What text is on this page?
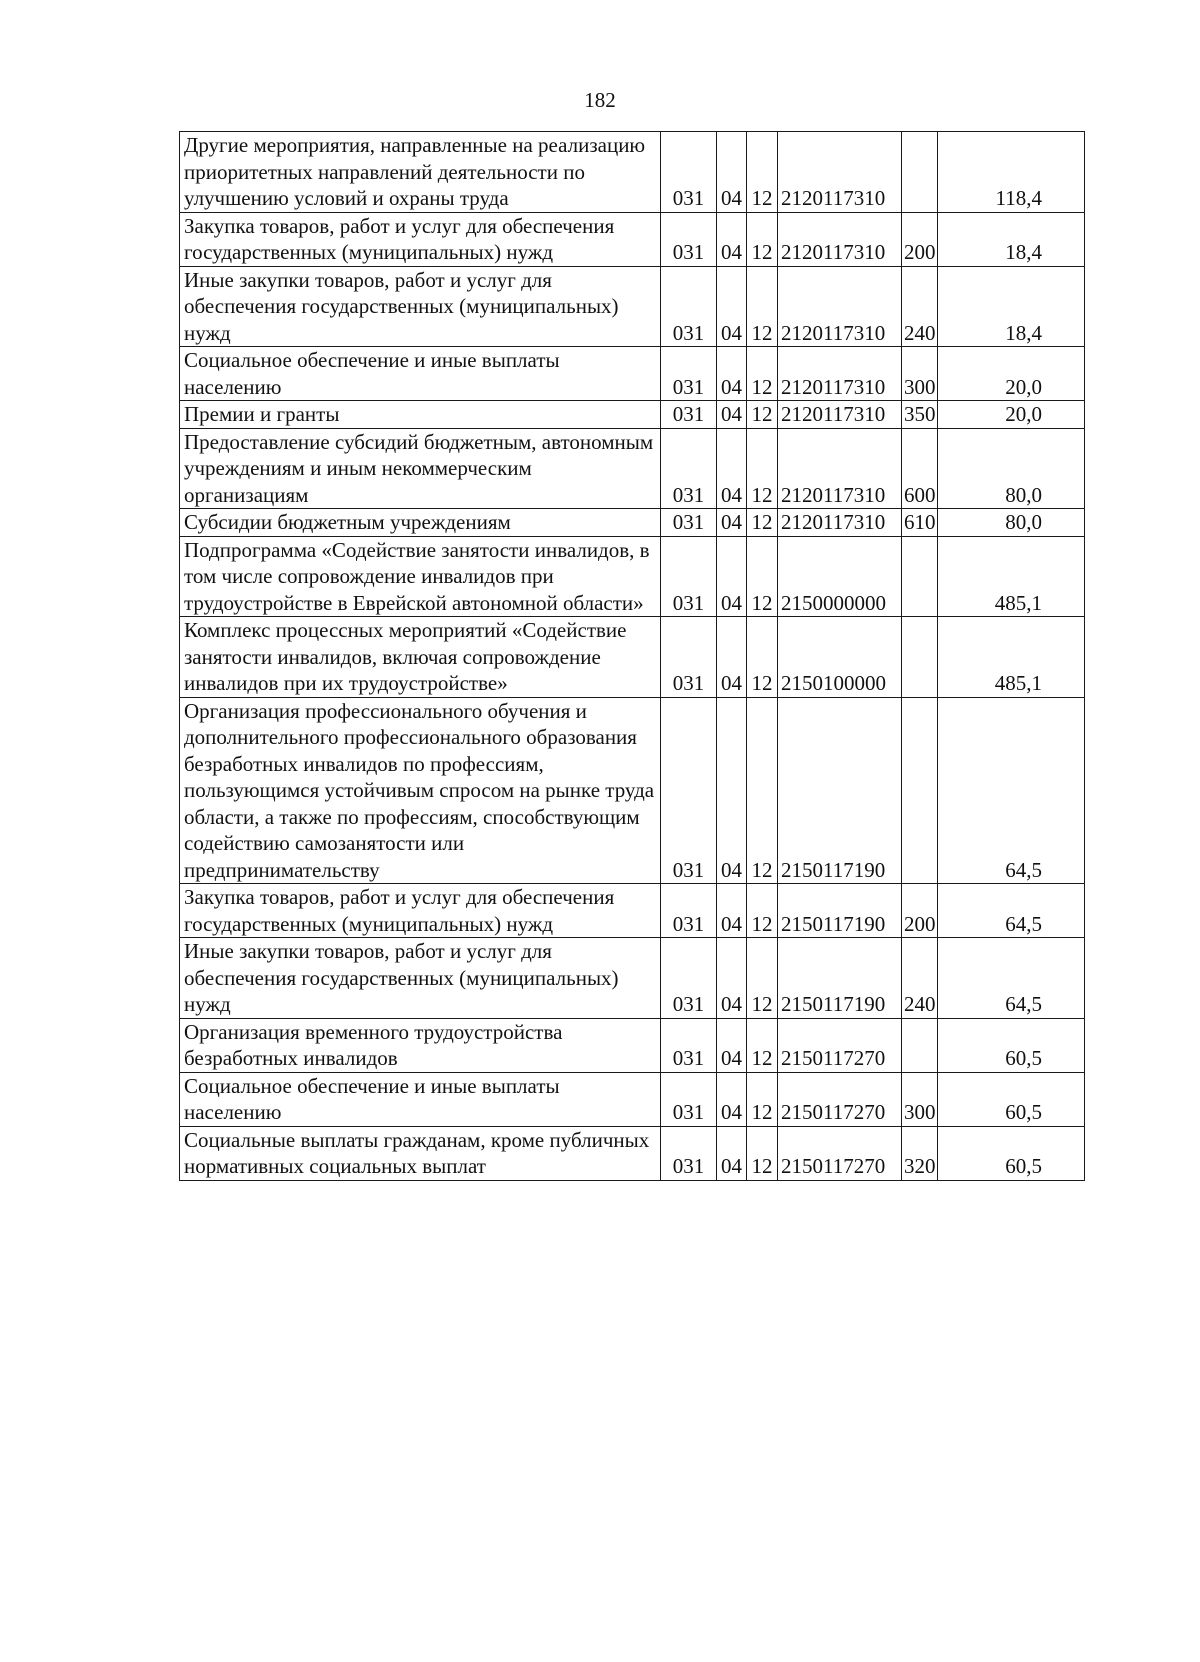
182
Другие мероприятия, направленные на реализацию приоритетных направлений деятельности по улучшению условий и охраны труда	031	04	12	2120117310		118,4
Закупка товаров, работ и услуг для обеспечения государственных (муниципальных) нужд	031	04	12	2120117310	200	18,4
Иные закупки товаров, работ и услуг для обеспечения государственных (муниципальных) нужд	031	04	12	2120117310	240	18,4
Социальное обеспечение и иные выплаты населению	031	04	12	2120117310	300	20,0
Премии и гранты	031	04	12	2120117310	350	20,0
Предоставление субсидий бюджетным, автономным учреждениям и иным некоммерческим организациям	031	04	12	2120117310	600	80,0
Субсидии бюджетным учреждениям	031	04	12	2120117310	610	80,0
Подпрограмма «Содействие занятости инвалидов, в том числе сопровождение инвалидов при трудоустройстве в Еврейской автономной области»	031	04	12	2150000000		485,1
Комплекс процессных мероприятий «Содействие занятости инвалидов, включая сопровождение инвалидов при их трудоустройстве»	031	04	12	2150100000		485,1
Организация профессионального обучения и дополнительного профессионального образования безработных инвалидов по профессиям, пользующимся устойчивым спросом на рынке труда области, а также по профессиям, способствующим содействию самозанятости или предпринимательству	031	04	12	2150117190		64,5
Закупка товаров, работ и услуг для обеспечения государственных (муниципальных) нужд	031	04	12	2150117190	200	64,5
Иные закупки товаров, работ и услуг для обеспечения государственных (муниципальных) нужд	031	04	12	2150117190	240	64,5
Организация временного трудоустройства безработных инвалидов	031	04	12	2150117270		60,5
Социальное обеспечение и иные выплаты населению	031	04	12	2150117270	300	60,5
Социальные выплаты гражданам, кроме публичных нормативных социальных выплат	031	04	12	2150117270	320	60,5
